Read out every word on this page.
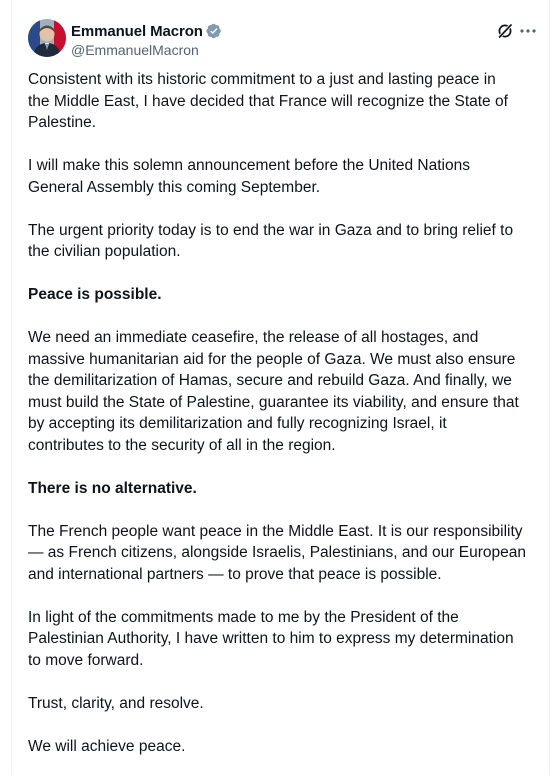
Emmanuel Macron
@EmmanuelMacron

Consistent with its historic commitment to a just and lasting peace in
the Middle East, I have decided that France will recognize the State of
Palestine.

I will make this solemn announcement before the United Nations
General Assembly this coming September.

The urgent priority today is to end the war in Gaza and to bring relief to
the civilian population.

Peace is possible.

We need an immediate ceasefire, the release of all hostages, and
massive humanitarian aid for the people of Gaza. We must also ensure
the demilitarization of Hamas, secure and rebuild Gaza. And finally, we
must build the State of Palestine, guarantee its viability, and ensure that
by accepting its demilitarization and fully recognizing Israel, it
contributes to the security of all in the region.

There is no alternative.

The French people want peace in the Middle East. It is our responsibility
— as French citizens, alongside Israelis, Palestinians, and our European
and international partners — to prove that peace is possible.

In light of the commitments made to me by the President of the
Palestinian Authority, I have written to him to express my determination
to move forward.

Trust, clarity, and resolve.

We will achieve peace.
